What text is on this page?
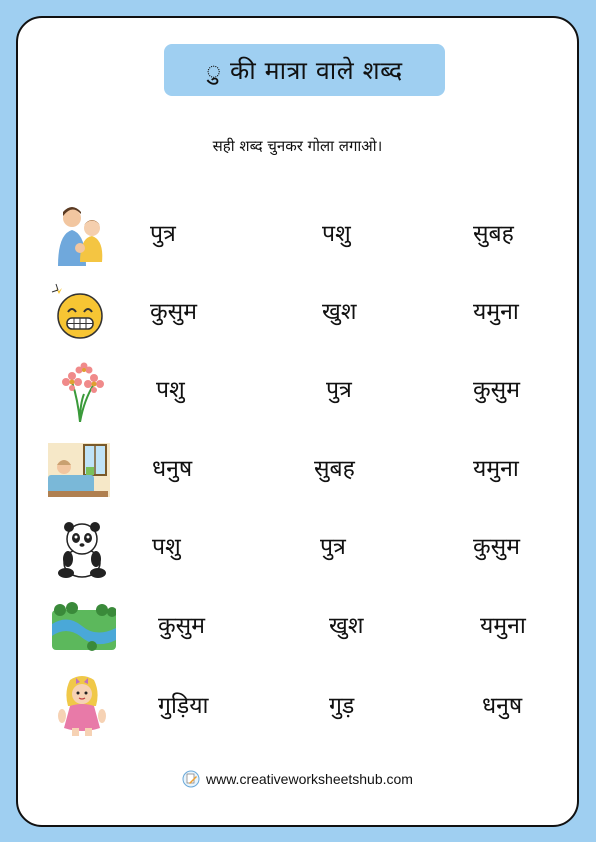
ु की मात्रा वाले शब्द
सही शब्द चुनकर गोला लगाओ।
पुत्र	पशु	सुबह
कुसुम	खुश	यमुना
पशु	पुत्र	कुसुम
धनुष	सुबह	यमुना
पशु	पुत्र	कुसुम
कुसुम	खुश	यमुना
गुड़िया	गुड़	धनुष
www.creativeworksheetshub.com
